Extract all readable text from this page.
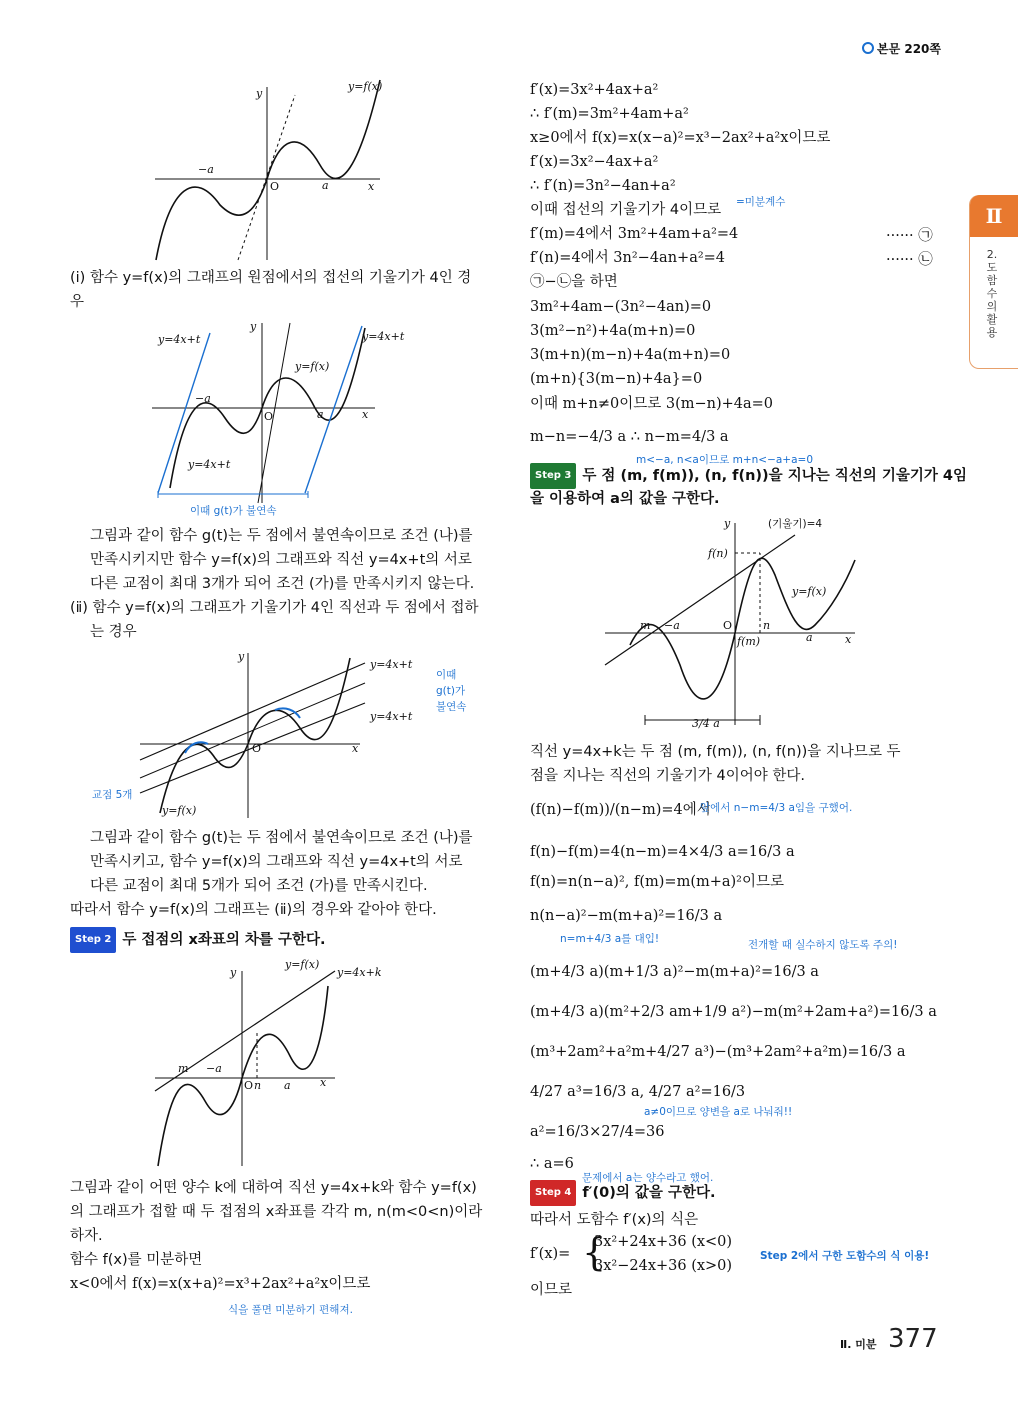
본문 220쪽
Ⅱ
2. 도 함 수 의 활 용
y=f(x)
y
x
O
−a
a
(ⅰ) 함수 y=f(x)의 그래프의 원점에서의 접선의 기울기가 4인 경우
y=4x+t	y=4x+t
y=4x+t
y=f(x)
y
x
O
−a
a
이때 g(t)가 불연속
그림과 같이 함수 g(t)는 두 점에서 불연속이므로 조건 (나)를
만족시키지만 함수 y=f(x)의 그래프와 직선 y=4x+t의 서로
다른 교점이 최대 3개가 되어 조건 (가)를 만족시키지 않는다.
(ⅱ) 함수 y=f(x)의 그래프가 기울기가 4인 직선과 두 점에서 접하
는 경우
y=4x+t
y=4x+t
y=f(x)
y
x
O
이때
g(t)가
불연속
교점 5개
그림과 같이 함수 g(t)는 두 점에서 불연속이므로 조건 (나)를
만족시키고, 함수 y=f(x)의 그래프와 직선 y=4x+t의 서로
다른 교점이 최대 5개가 되어 조건 (가)를 만족시킨다.
따라서 함수 y=f(x)의 그래프는 (ⅱ)의 경우와 같아야 한다.
Step 2 두 접점의 x좌표의 차를 구한다.
y=f(x)
y=4x+k
y
x
O
m −a
n a
그림과 같이 어떤 양수 k에 대하여 직선 y=4x+k와 함수 y=f(x)
의 그래프가 접할 때 두 접점의 x좌표를 각각 m, n(m<0<n)이라
하자.
함수 f(x)를 미분하면
x<0에서 f(x)=x(x+a)²=x³+2ax²+a²x이므로
식을 풀면 미분하기 편해져.
f′(x)=3x²+4ax+a²
∴ f′(m)=3m²+4am+a²
x≥0에서 f(x)=x(x−a)²=x³−2ax²+a²x이므로
f′(x)=3x²−4ax+a²
∴ f′(n)=3n²−4an+a²
이때 접선의 기울기가 4이므로 =미분계수
f′(m)=4에서 3m²+4am+a²=4	······ ㉠
f′(n)=4에서 3n²−4an+a²=4	······ ㉡
㉠−㉡을 하면
3m²+4am−(3n²−4an)=0
3(m²−n²)+4a(m+n)=0
3(m+n)(m−n)+4a(m+n)=0
(m+n){3(m−n)+4a}=0
이때 m+n≠0이므로 3(m−n)+4a=0
m−n=−4/3 a ∴ n−m=4/3 a
m<−a, n<a이므로 m+n<−a+a=0
Step 3 두 점 (m, f(m)), (n, f(n))을 지나는 직선의 기울기가 4임
을 이용하여 a의 값을 구한다.
(기울기)=4
f(n)
f(m)
y=f(x)
y
x
O
m −a	n
a
3/4 a
직선 y=4x+k는 두 점 (m, f(m)), (n, f(n))을 지나므로 두
점을 지나는 직선의 기울기가 4이어야 한다.
(f(n)−f(m))/(n−m)=4에서
앞에서 n−m=4/3 a임을 구했어.
f(n)−f(m)=4(n−m)=4×4/3 a=16/3 a
f(n)=n(n−a)², f(m)=m(m+a)²이므로
n(n−a)²−m(m+a)²=16/3 a
n=m+4/3 a를 대입!	전개할 때 실수하지 않도록 주의!
(m+4/3 a)(m+1/3 a)²−m(m+a)²=16/3 a
(m+4/3 a)(m²+2/3 am+1/9 a²)−m(m²+2am+a²)=16/3 a
(m³+2am²+a²m+4/27 a³)−(m³+2am²+a²m)=16/3 a
4/27 a³=16/3 a, 4/27 a²=16/3
a≠0이므로 양변을 a로 나눠줘!!
a²=16/3×27/4=36
∴ a=6
문제에서 a는 양수라고 했어.
Step 4 f′(0)의 값을 구한다.
따라서 도함수 f′(x)의 식은
f′(x)= {
3x²+24x+36 (x<0)
3x²−24x+36 (x>0)
Step 2에서 구한 도함수의 식 이용!
이므로
Ⅱ. 미분 377
